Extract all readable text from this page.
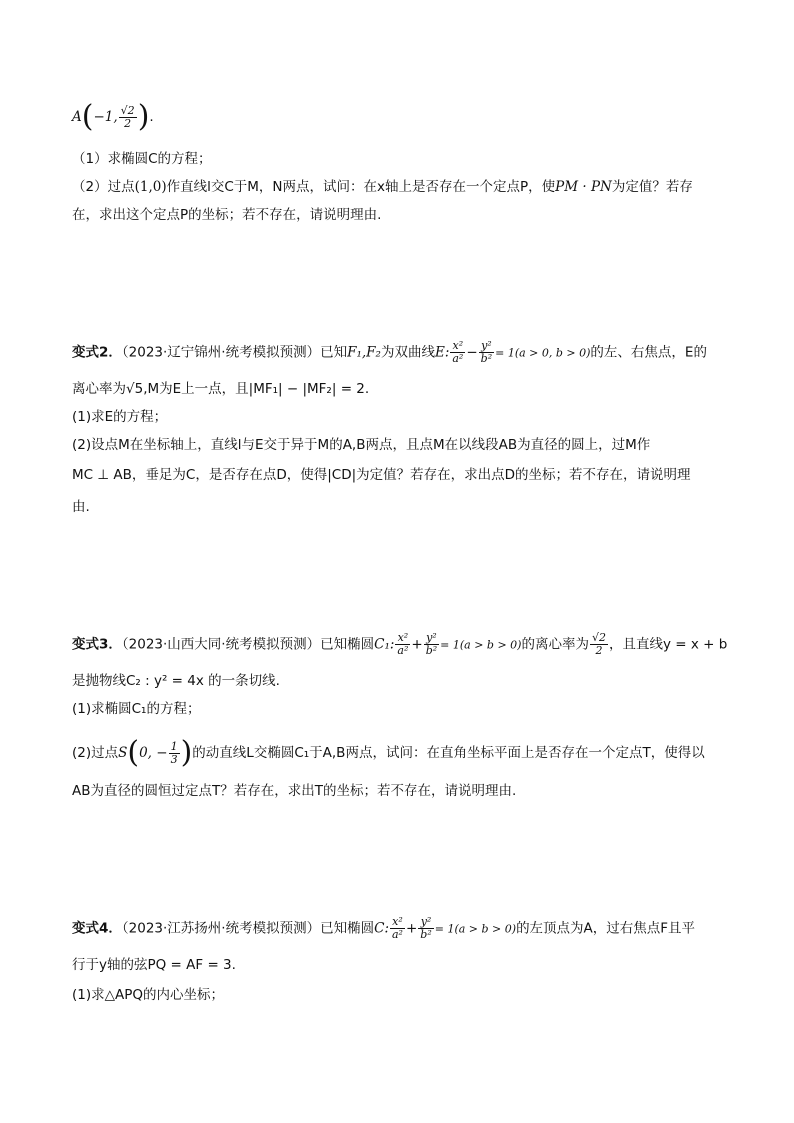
A(−1, $\frac{√2}{2}$ ).
（1）求椭圆C的方程；
（2）过点(1,0)作直线l交C于M，N两点，试问：在x轴上是否存在一个定点P，使PM · PN为定值？若存
在，求出这个定点P的坐标；若不存在，请说明理由.
变式2．（2023·辽宁锦州·统考模拟预测）已知F₁,F₂为双曲线E: $\frac{\text{x²}}{\text{a²}} - \frac{\text{y²}}{\text{b²}} = 1(a > 0$, b > 0)的左、右焦点，E的
离心率为√5,M为E上一点，且|MF₁| − |MF₂| = 2.
(1)求E的方程；
(2)设点M在坐标轴上，直线l与E交于异于M的A,B两点，且点M在以线段AB为直径的圆上，过M作
MC ⊥ AB，垂足为C，是否存在点D，使得|CD|为定值？若存在，求出点D的坐标；若不存在，请说明理
由.
变式3．（2023·山西大同·统考模拟预测）已知椭圆C₁: $\frac{\text{x²}}{\text{a²}} + \frac{\text{y²}}{\text{b²}} = 1(a > b > 0)$的离心率为 $\frac{√2}{2}$ ，且直线y = x + b
是抛物线C₂ : y² = 4x 的一条切线.
(1)求椭圆C₁的方程；
(2)过点S(0, − $\frac{1}{3}$ )的动直线L交椭圆C₁于A,B两点，试问：在直角坐标平面上是否存在一个定点T，使得以
AB为直径的圆恒过定点T？若存在，求出T的坐标；若不存在，请说明理由.
变式4．（2023·江苏扬州·统考模拟预测）已知椭圆C: $\frac{\text{x²}}{\text{a²}} + \frac{\text{y²}}{\text{b²}} = 1(a > b > 0)$的左顶点为A，过右焦点F且平
行于y轴的弦PQ = AF = 3.
(1)求△APQ的内心坐标；
